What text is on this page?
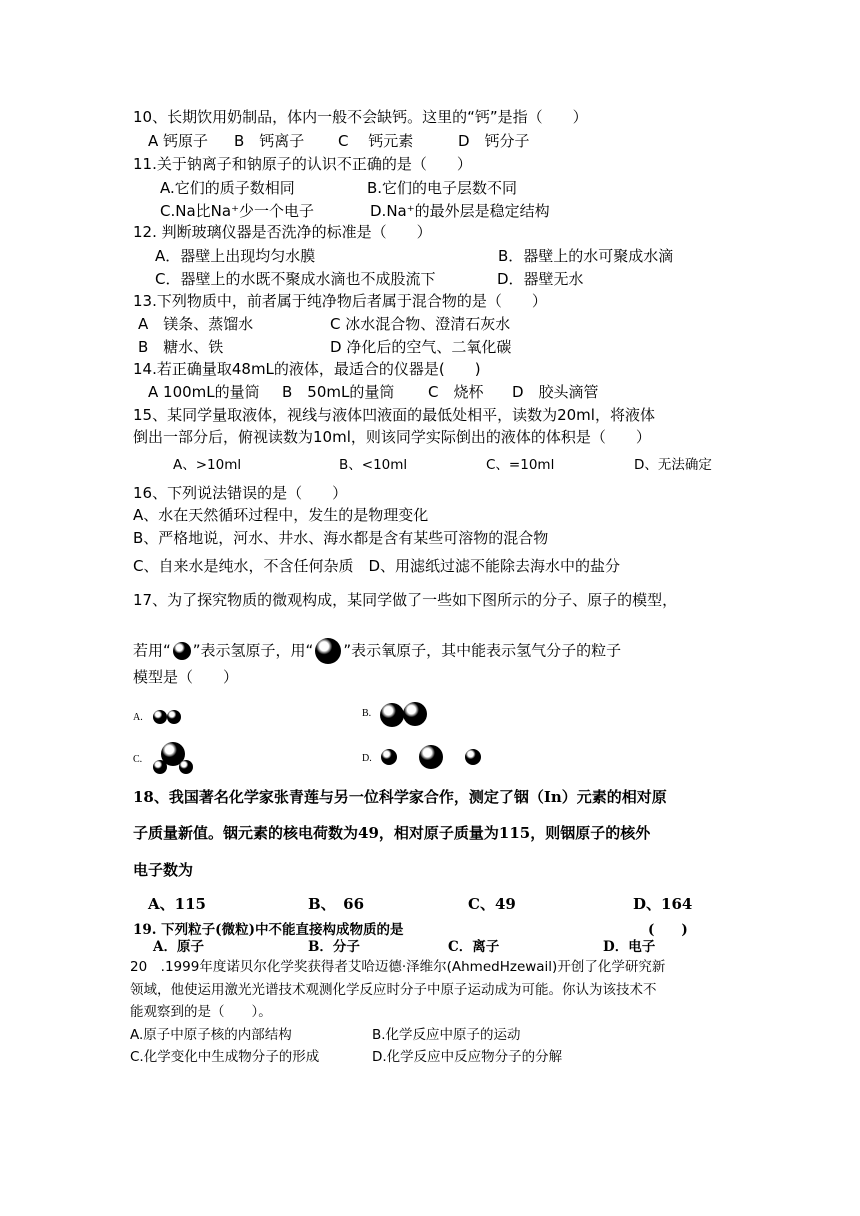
10、长期饮用奶制品，体内一般不会缺钙。这里的“钙”是指（　　）
A 钙原子 B　钙离子 C　 钙元素	D　钙分子
11.关于钠离子和钠原子的认识不正确的是（　　）
A.它们的质子数相同	B.它们的电子层数不同
C.Na比Na⁺少一个电子	D.Na⁺的最外层是稳定结构
12. 判断玻璃仪器是否洗净的标准是（　　）
A．器壁上出现均匀水膜	B．器壁上的水可聚成水滴
C．器壁上的水既不聚成水滴也不成股流下	D．器壁无水
13.下列物质中，前者属于纯净物后者属于混合物的是（　　）
A　镁条、蒸馏水	C 冰水混合物、澄清石灰水
B　糖水、铁	D 净化后的空气、二氧化碳
14.若正确量取48mL的液体，最适合的仪器是(　　)
A 100mL的量筒 B　50mL的量筒 C　烧杯 D　胶头滴管
15、某同学量取液体，视线与液体凹液面的最低处相平，读数为20ml，将液体
倒出一部分后，俯视读数为10ml，则该同学实际倒出的液体的体积是（　　）
A、>10ml	B、<10ml	C、=10ml	D、无法确定
16、下列说法错误的是（　　）
A、水在天然循环过程中，发生的是物理变化
B、严格地说，河水、井水、海水都是含有某些可溶物的混合物
C、自来水是纯水，不含任何杂质　D、用滤纸过滤不能除去海水中的盐分
17、为了探究物质的微观构成，某同学做了一些如下图所示的分子、原子的模型，
若用“ ”表示氢原子，用“ ”表示氧原子，其中能表示氢气分子的粒子
模型是（　　）
A.	B.
C.	D.
18、我国著名化学家张青莲与另一位科学家合作，测定了铟（In）元素的相对原
子质量新值。铟元素的核电荷数为49，相对原子质量为115，则铟原子的核外
电子数为
A、115	B、　66	C、49	D、164
19. 下列粒子(微粒)中不能直接构成物质的是	(　　)
A．原子	B．分子	C．离子	D．电子
20　.1999年度诺贝尔化学奖获得者艾哈迈德·泽维尔(AhmedHzewail)开创了化学研究新
领域，他使运用激光光谱技术观测化学反应时分子中原子运动成为可能。你认为该技术不
能观察到的是（　　）。
A.原子中原子核的内部结构	B.化学反应中原子的运动
C.化学变化中生成物分子的形成	D.化学反应中反应物分子的分解
